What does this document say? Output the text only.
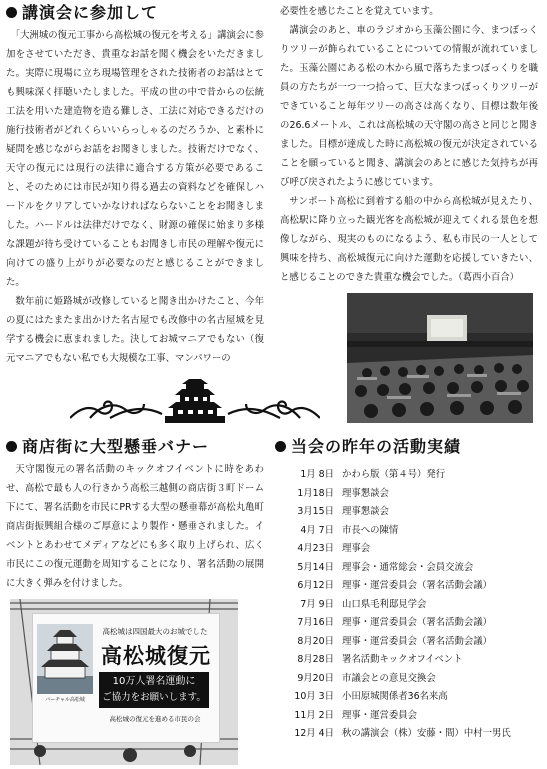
講演会に参加して

「大洲城の復元工事から高松城の復元を考える」講演会に参加をさせていただき、貴重なお話を聞く機会をいただきました。実際に現場に立ち現場管理をされた技術者のお話はとても興味深く拝聴いたしました。平成の世の中で昔からの伝統工法を用いた建造物を造る難しさ、工法に対応できるだけの施行技術者がどれくらいいらっしゃるのだろうか、と素朴に疑問を感じながらお話をお聞きしました。技術だけでなく、天守の復元には現行の法律に適合する方策が必要であること、そのためには市民が知り得る過去の資料などを確保しハードルをクリアしていかなければならないことをお聞きしました。ハードルは法律だけでなく、財源の確保に始まり多様な課題が待ち受けていることもお聞きし市民の理解や復元に向けての盛り上がりが必要なのだと感じることができました。

数年前に姫路城が改修していると聞き出かけたこと、今年の夏にはたまたま出かけた名古屋でも改修中の名古屋城を見学する機会に恵まれました。決してお城マニアでもない（復元マニアでもない私でも大規模な工事、マンパワーの

必要性を感じたことを覚えています。

講演会のあと、車のラジオから玉藻公園に今、まつぼっくりツリーが飾られていることについての情報が流れていました。玉藻公園にある松の木から風で落ちたまつぼっくりを職員の方たちが一つ一つ拾って、巨大なまつぼっくりツリーができていること毎年ツリーの高さは高くなり、目標は数年後の26.6メートル、これは高松城の天守閣の高さと同じと聞きました。目標が達成した時に高松城の復元が決定されていることを願っていると聞き、講演会のあとに感じた気持ちが再び呼び戻されたように感じています。

サンポート高松に到着する船の中から高松城が見えたり、高松駅に降り立った観光客を高松城が迎えてくれる景色を想像しながら、現実のものになるよう、私も市民の一人として興味を持ち、高松城復元に向けた運動を応援していきたい、と感じることのできた貴重な機会でした。（葛西小百合）

商店街に大型懸垂バナー

天守閣復元の署名活動のキックオフイベントに時をあわせ、高松で最も人の行きかう高松三越側の商店街３町ドーム下にて、署名活動を市民にPRする大型の懸垂幕が高松丸亀町商店街振興組合様のご厚意により製作・懸垂されました。イベントとあわせてメディアなどにも多く取り上げられ、広く市民にこの復元運動を周知することになり、署名活動の展開に大きく弾みを付けました。

バーチャル高松城
高松城は四国最大のお城でした
高松城復元
10万人署名運動に
ご協力をお願いします。
高松城の復元を進める市民の会
当会の昨年の活動実績
1月 8日 かわら版（第４号）発行
1月18日 理事懇談会
3月15日 理事懇談会
4月 7日 市長への陳情
4月23日 理事会
5月14日 理事会・通常総会・会員交流会
6月12日 理事・運営委員会（署名活動会議）
7月 9日 山口県毛利邸見学会
7月16日 理事・運営委員会（署名活動会議）
8月20日 理事・運営委員会（署名活動会議）
8月28日 署名活動キックオフイベント
9月20日 市議会との意見交換会
10月 3日 小田原城関係者36名来高
11月 2日 理事・運営委員会
12月 4日 秋の講演会（株）安藤・間）中村一男氏
